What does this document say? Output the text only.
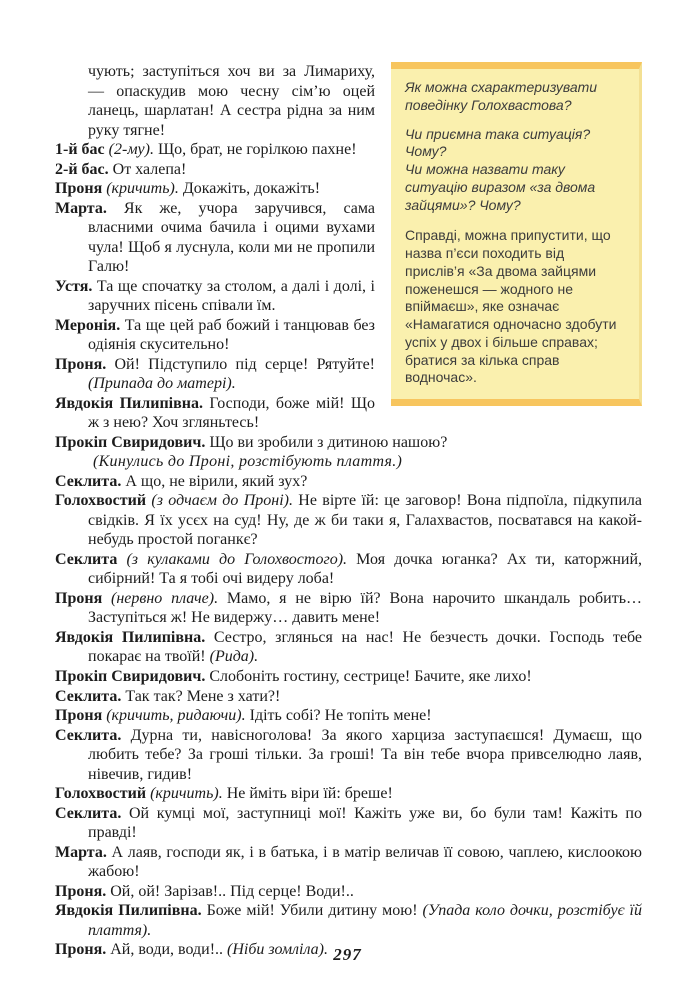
Як можна схарактеризувати поведінку Голохвастова?

Чи приємна така ситуація? Чому?

Чи можна назвати таку ситуацію виразом «за двома зайцями»? Чому?

Справді, можна припустити, що назва п’єси походить від прислів’я «За двома зайцями поженешся — жодного не впіймаєш», яке означає «Намагатися одночасно здобути успіх у двох і більше справах; братися за кілька справ водночас».

чують; заступіться хоч ви за Лимариху, — опаскудив мою чесну сім’ю оцей ланець, шарлатан! А сестра рідна за ним руку тягне!

1-й бас (2-му). Що, брат, не горілкою пахне!

2-й бас. От халепа!

Проня (кричить). Докажіть, докажіть!

Марта. Як же, учора заручився, сама власними очима бачила і оцими вухами чула! Щоб я луснула, коли ми не пропили Галю!

Устя. Та ще спочатку за столом, а далі і долі, і заручних пісень співали їм.

Меронія. Та ще цей раб божий і танцював без одіянія скусительно!

Проня. Ой! Підступило під серце! Рятуйте! (Припада до матері).

Явдокія Пилипівна. Господи, боже мій! Що ж з нею? Хоч згляньтесь!

Прокіп Свиридович. Що ви зробили з дитиною нашою?

(Кинулись до Проні, розстібують плаття.)

Секлита. А що, не вірили, який зух?

Голохвостий (з одчаєм до Проні). Не вірте їй: це заговор! Вона підпоїла, підкупила свідків. Я їх усєх на суд! Ну, де ж би таки я, Галахвастов, посватався на какой-небудь простой поганкє?

Секлита (з кулаками до Голохвостого). Моя дочка юганка? Ах ти, каторжний, сибірний! Та я тобі очі видеру лоба!

Проня (нервно плаче). Мамо, я не вірю їй? Вона нарочито шкандаль робить… Заступіться ж! Не видержу… давить мене!

Явдокія Пилипівна. Сестро, зглянься на нас! Не безчесть дочки. Господь тебе покарає на твоїй! (Рида).

Прокіп Свиридович. Слобоніть гостину, сестрице! Бачите, яке лихо!

Секлита. Так так? Мене з хати?!

Проня (кричить, ридаючи). Ідіть собі? Не топіть мене!

Секлита. Дурна ти, навісноголова! За якого харциза заступаєшся! Думаєш, що любить тебе? За гроші тільки. За гроші! Та він тебе вчора привселюдно лаяв, нівечив, гидив!

Голохвостий (кричить). Не йміть віри їй: бреше!

Секлита. Ой кумці мої, заступниці мої! Кажіть уже ви, бо були там! Кажіть по правді!

Марта. А лаяв, господи як, і в батька, і в матір величав її совою, чаплею, кислоокою жабою!

Проня. Ой, ой! Зарізав!.. Під серце! Води!..

Явдокія Пилипівна. Боже мій! Убили дитину мою! (Упада коло дочки, розстібує їй плаття).

Проня. Ай, води, води!.. (Ніби зомліла). 297
